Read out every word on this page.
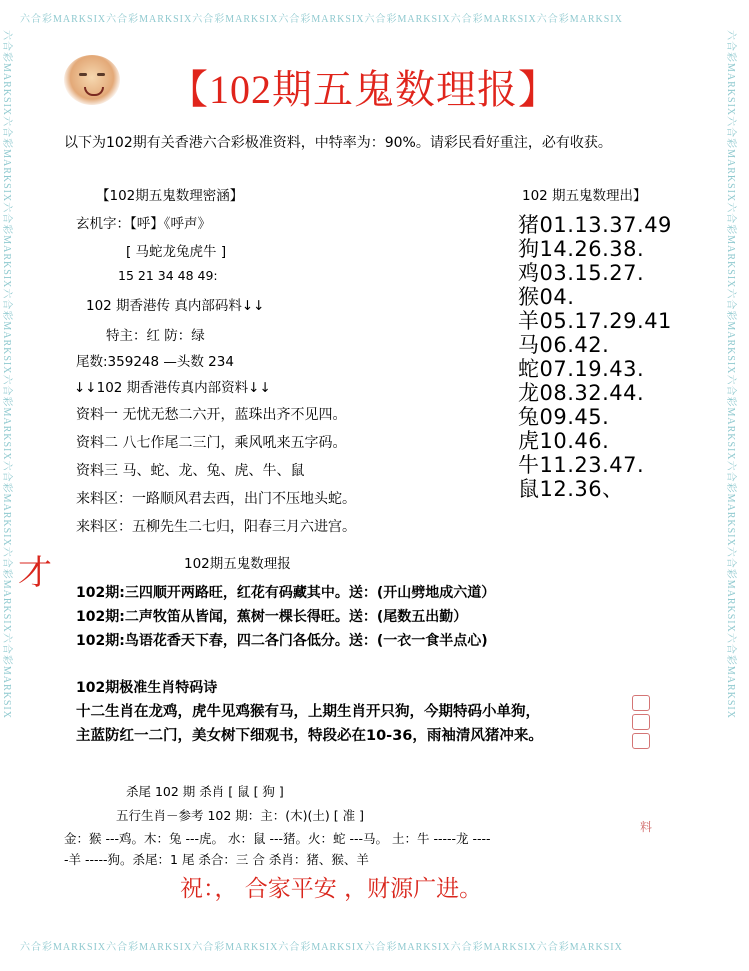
六合彩MARKSIX六合彩MARKSIX六合彩MARKSIX六合彩MARKSIX六合彩MARKSIX六合彩MARKSIX六合彩MARKSIX
六合彩MARKSIX六合彩MARKSIX六合彩MARKSIX六合彩MARKSIX六合彩MARKSIX六合彩MARKSIX六合彩MARKSIX
六合彩MARKSIX六合彩MARKSIX六合彩MARKSIX六合彩MARKSIX六合彩MARKSIX六合彩MARKSIX六合彩MARKSIX六合彩MARKSIX	六合彩MARKSIX六合彩MARKSIX六合彩MARKSIX六合彩MARKSIX六合彩MARKSIX六合彩MARKSIX六合彩MARKSIX六合彩MARKSIX
【102期五鬼数理报】
以下为102期有关香港六合彩极准资料，中特率为：90%。请彩民看好重注，必有收获。
【102期五鬼数理密涵】
玄机字：【呼】《呼声》
[ 马蛇龙兔虎牛 ]
15 21 34 48 49:
102 期香港传 真内部码料↓↓
特主：红 防：绿
尾数:359248 —头数 234
↓↓102 期香港传真内部资料↓↓
资料一 无忧无愁二六开，蓝珠出齐不见四。
资料二 八七作尾二三门，乘风吼来五字码。
资料三 马、蛇、龙、兔、虎、牛、鼠
来料区：一路顺风君去西，出门不压地头蛇。
来料区：五柳先生二七归，阳春三月六进宫。
102 期五鬼数理出】
猪01.13.37.49
狗14.26.38.
鸡03.15.27.
猴04.
羊05.17.29.41
马06.42.
蛇07.19.43.
龙08.32.44.
兔09.45.
虎10.46.
牛11.23.47.
鼠12.36、
才	102期五鬼数理报
102期:三四顺开两路旺，红花有码藏其中。送：(开山劈地成六道）
102期:二声牧笛从皆闻，蕉树一棵长得旺。送：(尾数五出勤）
102期:鸟语花香天下春，四二各门各低分。送：(一衣一食半点心)
102期极准生肖特码诗
十二生肖在龙鸡，虎牛见鸡猴有马，上期生肖开只狗，今期特码小单狗，
主蓝防红一二门，美女树下细观书，特段必在10-36，雨袖清风猪冲来。
杀尾 102 期 杀肖 [ 鼠 [ 狗 ]
五行生肖－参考 102 期：主：(木)(土) [ 准 ]
料
金：猴 ---鸡。木：兔 ---虎。 水：鼠 ---猪。火：蛇 ---马。 土：牛 -----龙 ----
-羊 -----狗。杀尾：1 尾 杀合：三 合 杀肖：猪、猴、羊
祝：， 合家平安 ，财源广进。
